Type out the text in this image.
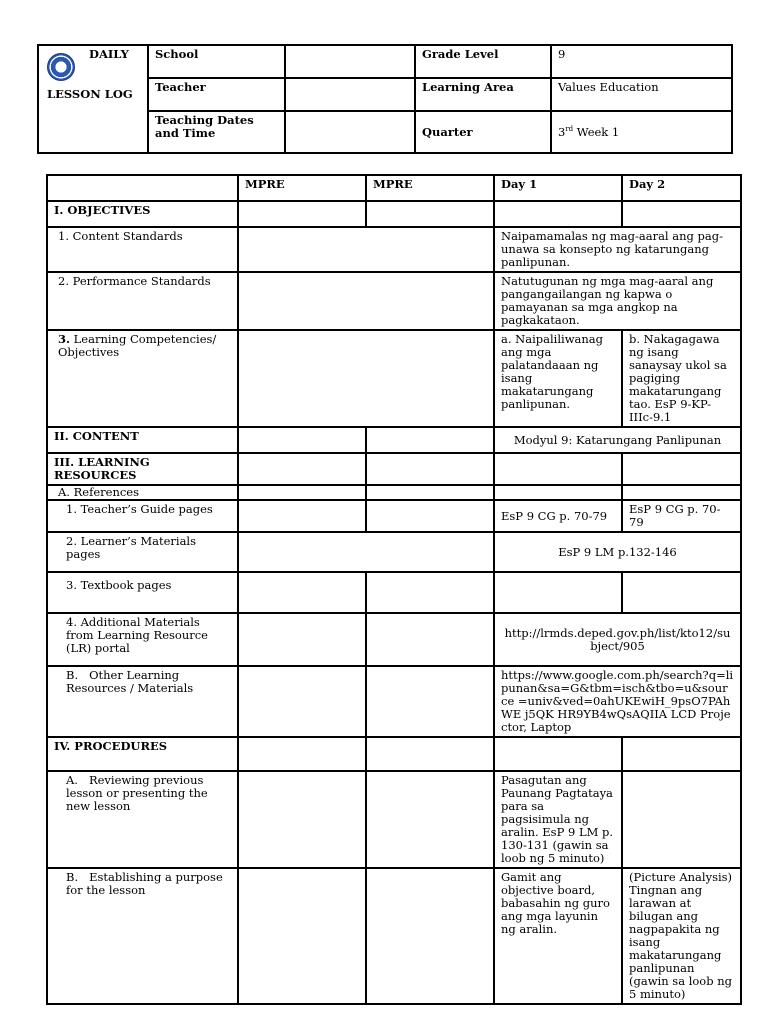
DAILY
LESSON LOG	School		Grade Level	9
	Teacher		Learning Area	Values Education
	Teaching Dates and Time		Quarter	3rd Week 1
	MPRE	MPRE	Day 1	Day 2
I. OBJECTIVES				
1. Content Standards			Naipamamalas ng mag-aaral ang pag-unawa sa konsepto ng katarungang panlipunan.	
2. Performance Standards			Natutugunan ng mga mag-aaral ang pangangailangan ng kapwa o pamayanan sa mga angkop na pagkakataon.	
3. Learning Competencies/ Objectives			a. Naipaliliwanag ang mga palatandaaan ng isang makatarungang panlipunan.	b. Nakagagawa ng isang sanaysay ukol sa pagiging makatarungang tao. EsP 9-KP-IIIc-9.1
II. CONTENT			Modyul 9: Katarungang Panlipunan	
III. LEARNING RESOURCES				
A. References				
1. Teacher’s Guide pages			EsP 9 CG p. 70-79	EsP 9 CG p. 70-79
2. Learner’s Materials pages			EsP 9 LM p.132-146	
3. Textbook pages				
4. Additional Materials from Learning Resource (LR) portal			http://lrmds.deped.gov.ph/list/kto12/subject/905	
B. Other Learning Resources / Materials			https://www.google.com.ph/search?q=lipunan&sa=G&tbm=isch&tbo=u&source =univ&ved=0ahUKEwiH_9psO7PAhWE j5QK HR9YB4wQsAQIIA LCD Projector, Laptop	
IV. PROCEDURES				
A. Reviewing previous lesson or presenting the new lesson			Pasagutan ang Paunang Pagtataya para sa pagsisimula ng aralin. EsP 9 LM p. 130-131 (gawin sa loob ng 5 minuto)	
B. Establishing a purpose for the lesson			Gamit ang objective board, babasahin ng guro ang mga layunin ng aralin.	(Picture Analysis) Tingnan ang larawan at bilugan ang nagpapakita ng isang makatarungang panlipunan (gawin sa loob ng 5 minuto)
